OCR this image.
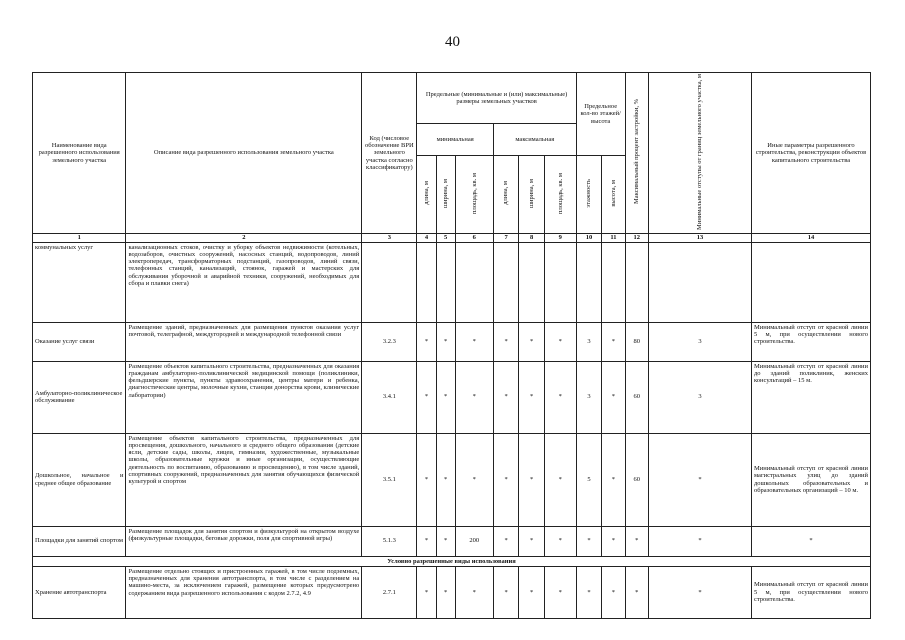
40
Наименование вида разрешенного использования земельного участка	Описание вида разрешенного использования земельного участка	Код (числовое обозначение ВРИ земельного участка согласно классификатору)	Предельные (минимальные и (или) максимальные) размеры земельных участков						Предельное кол-во этажей/высота		Максимальный процент застройки, %	Минимальные отступы от границ земельного участка, м	Иные параметры разрешенного строительства, реконструкции объектов капитального строительства
			минимальная			максимальная							
			длина, м	ширина, м	площадь, кв. м	длина, м	ширина, м	площадь, кв. м	этажность	высота, м			
1	2	3	4	5	6	7	8	9	10	11	12	13	14
коммунальных услуг	канализационных стоков, очистку и уборку объектов недвижимости (котельных, водозаборов, очистных сооружений, насосных станций, водопроводов, линий электропередач, трансформаторных подстанций, газопроводов, линий связи, телефонных станций, канализаций, стоянок, гаражей и мастерских для обслуживания уборочной и аварийной техники, сооружений, необходимых для сбора и плавки снега)												
Оказание услуг связи	Размещение зданий, предназначенных для размещения пунктов оказания услуг почтовой, телеграфной, междугородней и международной телефонной связи	3.2.3	*	*	*	*	*	*	3	*	80	3	Минимальный отступ от красной линии 5 м, при осуществлении нового строительства.
Амбулаторно-поликлиническое обслуживание	Размещение объектов капитального строительства, предназначенных для оказания гражданам амбулаторно-поликлинической медицинской помощи (поликлиники, фельдшерские пункты, пункты здравоохранения, центры матери и ребенка, диагностические центры, молочные кухни, станции донорства крови, клинические лаборатории)	3.4.1	*	*	*	*	*	*	3	*	60	3	Минимальный отступ от красной линии до зданий поликлиник, женских консультаций – 15 м.
Дошкольное, начальное и среднее общее образование	Размещение объектов капитального строительства, предназначенных для просвещения, дошкольного, начального и среднего общего образования (детские ясли, детские сады, школы, лицеи, гимназии, художественные, музыкальные школы, образовательные кружки и иные организации, осуществляющие деятельность по воспитанию, образованию и просвещению), в том числе зданий, спортивных сооружений, предназначенных для занятия обучающихся физической культурой и спортом	3.5.1	*	*	*	*	*	*	5	*	60	*	Минимальный отступ от красной линии магистральных улиц до зданий дошкольных образовательных и образовательных организаций – 10 м.
Площадки для занятий спортом	Размещение площадок для занятия спортом и физкультурой на открытом воздухе (физкультурные площадки, беговые дорожки, поля для спортивной игры)	5.1.3	*	*	200	*	*	*	*	*	*	*	*
Условно разрешенные виды использования													
Хранение автотранспорта	Размещение отдельно стоящих и пристроенных гаражей, в том числе подземных, предназначенных для хранения автотранспорта, в том числе с разделением на машино-места, за исключением гаражей, размещение которых предусмотрено содержанием вида разрешенного использования с кодом 2.7.2, 4.9	2.7.1	*	*	*	*	*	*	*	*	*	*	Минимальный отступ от красной линии 5 м, при осуществлении нового строительства.
